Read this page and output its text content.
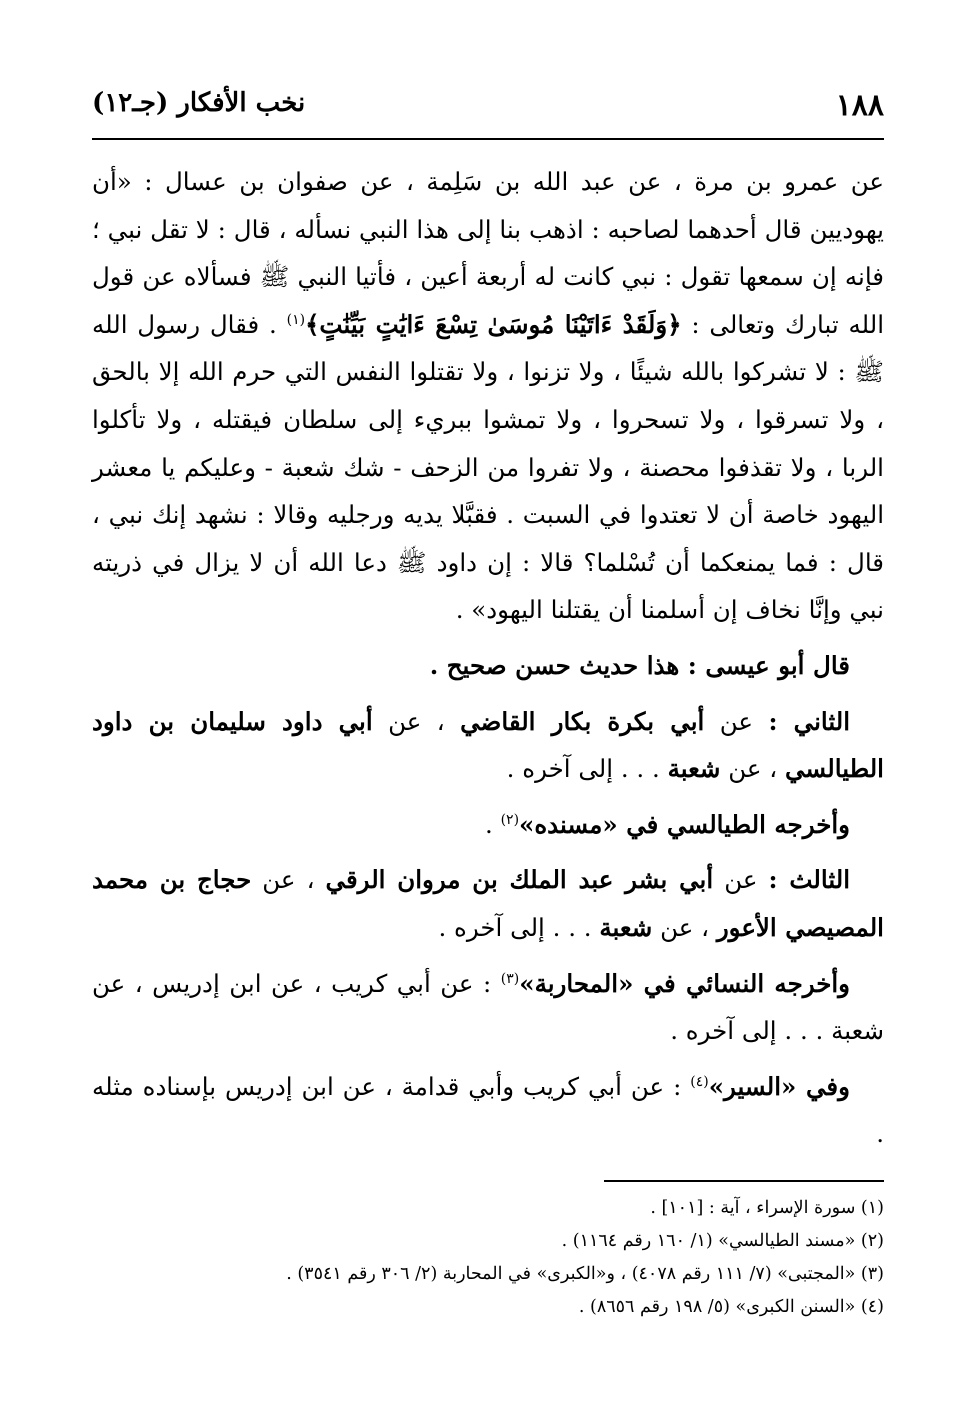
١٨٨
نخب الأفكار (جـ١٢)

عن عمرو بن مرة ، عن عبد الله بن سَلِمة ، عن صفوان بن عسال : «أن يهوديين قال أحدهما لصاحبه : اذهب بنا إلى هذا النبي نسأله ، قال : لا تقل نبي ؛ فإنه إن سمعها تقول : نبي كانت له أربعة أعين ، فأتيا النبي ﷺ فسألاه عن قول الله تبارك وتعالى : ﴿وَلَقَدْ ءَاتَيْنَا مُوسَىٰ تِسْعَ ءَايَٰتٍ بَيِّنَٰتٍ﴾$^{(١)}$ . فقال رسول الله ﷺ : لا تشركوا بالله شيئًا ، ولا تزنوا ، ولا تقتلوا النفس التي حرم الله إلا بالحق ، ولا تسرقوا ، ولا تسحروا ، ولا تمشوا ببريء إلى سلطان فيقتله ، ولا تأكلوا الربا ، ولا تقذفوا محصنة ، ولا تفروا من الزحف - شك شعبة - وعليكم يا معشر اليهود خاصة أن لا تعتدوا في السبت . فقبَّلا يديه ورجليه وقالا : نشهد إنك نبي ، قال : فما يمنعكما أن تُسْلما؟ قالا : إن داود ﷺ دعا الله أن لا يزال في ذريته نبي وإنَّا نخاف إن أسلمنا أن يقتلنا اليهود» .

قال أبو عيسى : هذا حديث حسن صحيح .

الثاني : عن أبي بكرة بكار القاضي ، عن أبي داود سليمان بن داود الطيالسي ، عن شعبة . . . إلى آخره .

وأخرجه الطيالسي في «مسنده»$^{(٢)}$ .

الثالث : عن أبي بشر عبد الملك بن مروان الرقي ، عن حجاج بن محمد المصيصي الأعور ، عن شعبة . . . إلى آخره .

وأخرجه النسائي في «المحاربة»$^{(٣)}$ : عن أبي كريب ، عن ابن إدريس ، عن شعبة . . . إلى آخره .

وفي «السير»$^{(٤)}$ : عن أبي كريب وأبي قدامة ، عن ابن إدريس بإسناده مثله .

(١) سورة الإسراء ، آية : [١٠١] .
(٢) «مسند الطيالسي» (١/ ١٦٠ رقم ١١٦٤) .
(٣) «المجتبى» (٧/ ١١١ رقم ٤٠٧٨) ، و«الكبرى» في المحاربة (٢/ ٣٠٦ رقم ٣٥٤١) .
(٤) «السنن الكبرى» (٥/ ١٩٨ رقم ٨٦٥٦) .
